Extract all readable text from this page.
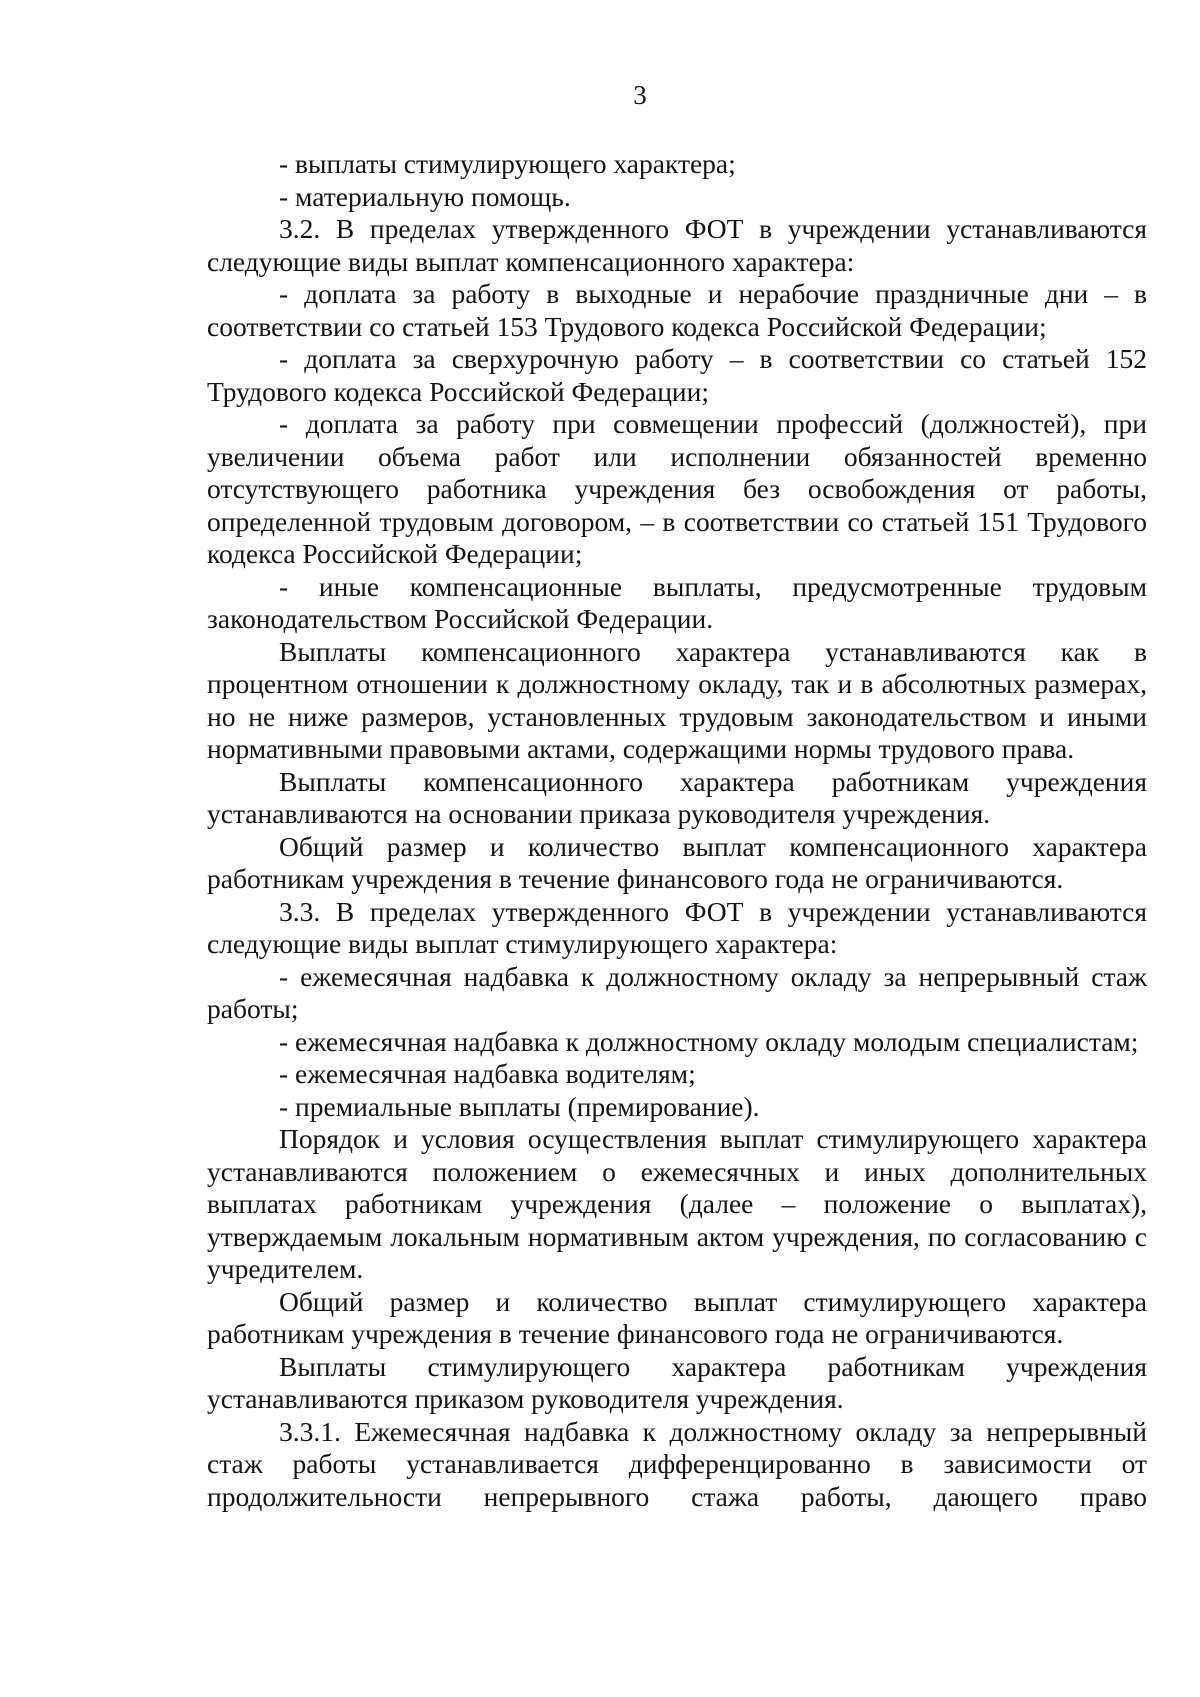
3

- выплаты стимулирующего характера;

- материальную помощь.

3.2. В пределах утвержденного ФОТ в учреждении устанавливаются следующие виды выплат компенсационного характера:

- доплата за работу в выходные и нерабочие праздничные дни – в соответствии со статьей 153 Трудового кодекса Российской Федерации;

- доплата за сверхурочную работу – в соответствии со статьей 152 Трудового кодекса Российской Федерации;

- доплата за работу при совмещении профессий (должностей), при увеличении объема работ или исполнении обязанностей временно отсутствующего работника учреждения без освобождения от работы, определенной трудовым договором, – в соответствии со статьей 151 Трудового кодекса Российской Федерации;

- иные компенсационные выплаты, предусмотренные трудовым законодательством Российской Федерации.

Выплаты компенсационного характера устанавливаются как в процентном отношении к должностному окладу, так и в абсолютных размерах, но не ниже размеров, установленных трудовым законодательством и иными нормативными правовыми актами, содержащими нормы трудового права.

Выплаты компенсационного характера работникам учреждения устанавливаются на основании приказа руководителя учреждения.

Общий размер и количество выплат компенсационного характера работникам учреждения в течение финансового года не ограничиваются.

3.3. В пределах утвержденного ФОТ в учреждении устанавливаются следующие виды выплат стимулирующего характера:

- ежемесячная надбавка к должностному окладу за непрерывный стаж работы;

- ежемесячная надбавка к должностному окладу молодым специалистам;

- ежемесячная надбавка водителям;

- премиальные выплаты (премирование).

Порядок и условия осуществления выплат стимулирующего характера устанавливаются положением о ежемесячных и иных дополнительных выплатах работникам учреждения (далее – положение о выплатах), утверждаемым локальным нормативным актом учреждения, по согласованию с учредителем.

Общий размер и количество выплат стимулирующего характера работникам учреждения в течение финансового года не ограничиваются.

Выплаты стимулирующего характера работникам учреждения устанавливаются приказом руководителя учреждения.

3.3.1. Ежемесячная надбавка к должностному окладу за непрерывный стаж работы устанавливается дифференцированно в зависимости от продолжительности непрерывного стажа работы, дающего право
